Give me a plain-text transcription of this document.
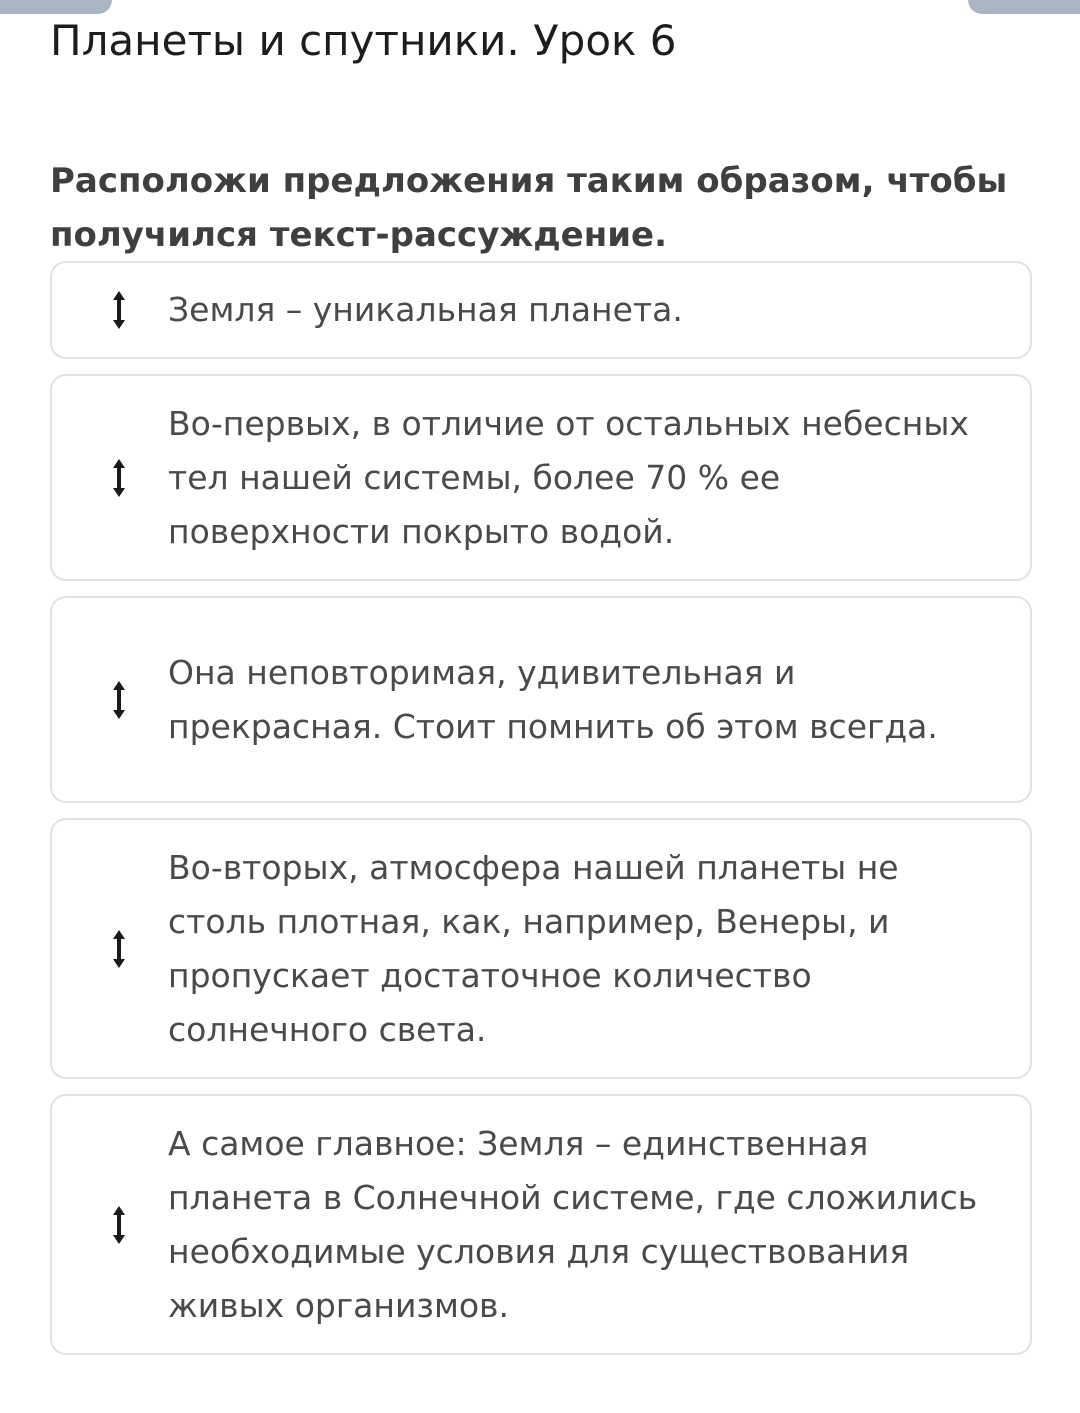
Планеты и спутники. Урок 6

Расположи предложения таким образом, чтобы получился текст-рассуждение.

Земля – уникальная планета.
Во-первых, в отличие от остальных небесных тел нашей системы, более 70 % ее поверхности покрыто водой.
Она неповторимая, удивительная и прекрасная. Стоит помнить об этом всегда.
Во-вторых, атмосфера нашей планеты не столь плотная, как, например, Венеры, и пропускает достаточное количество солнечного света.
А самое главное: Земля – единственная планета в Солнечной системе, где сложились необходимые условия для существования живых организмов.
